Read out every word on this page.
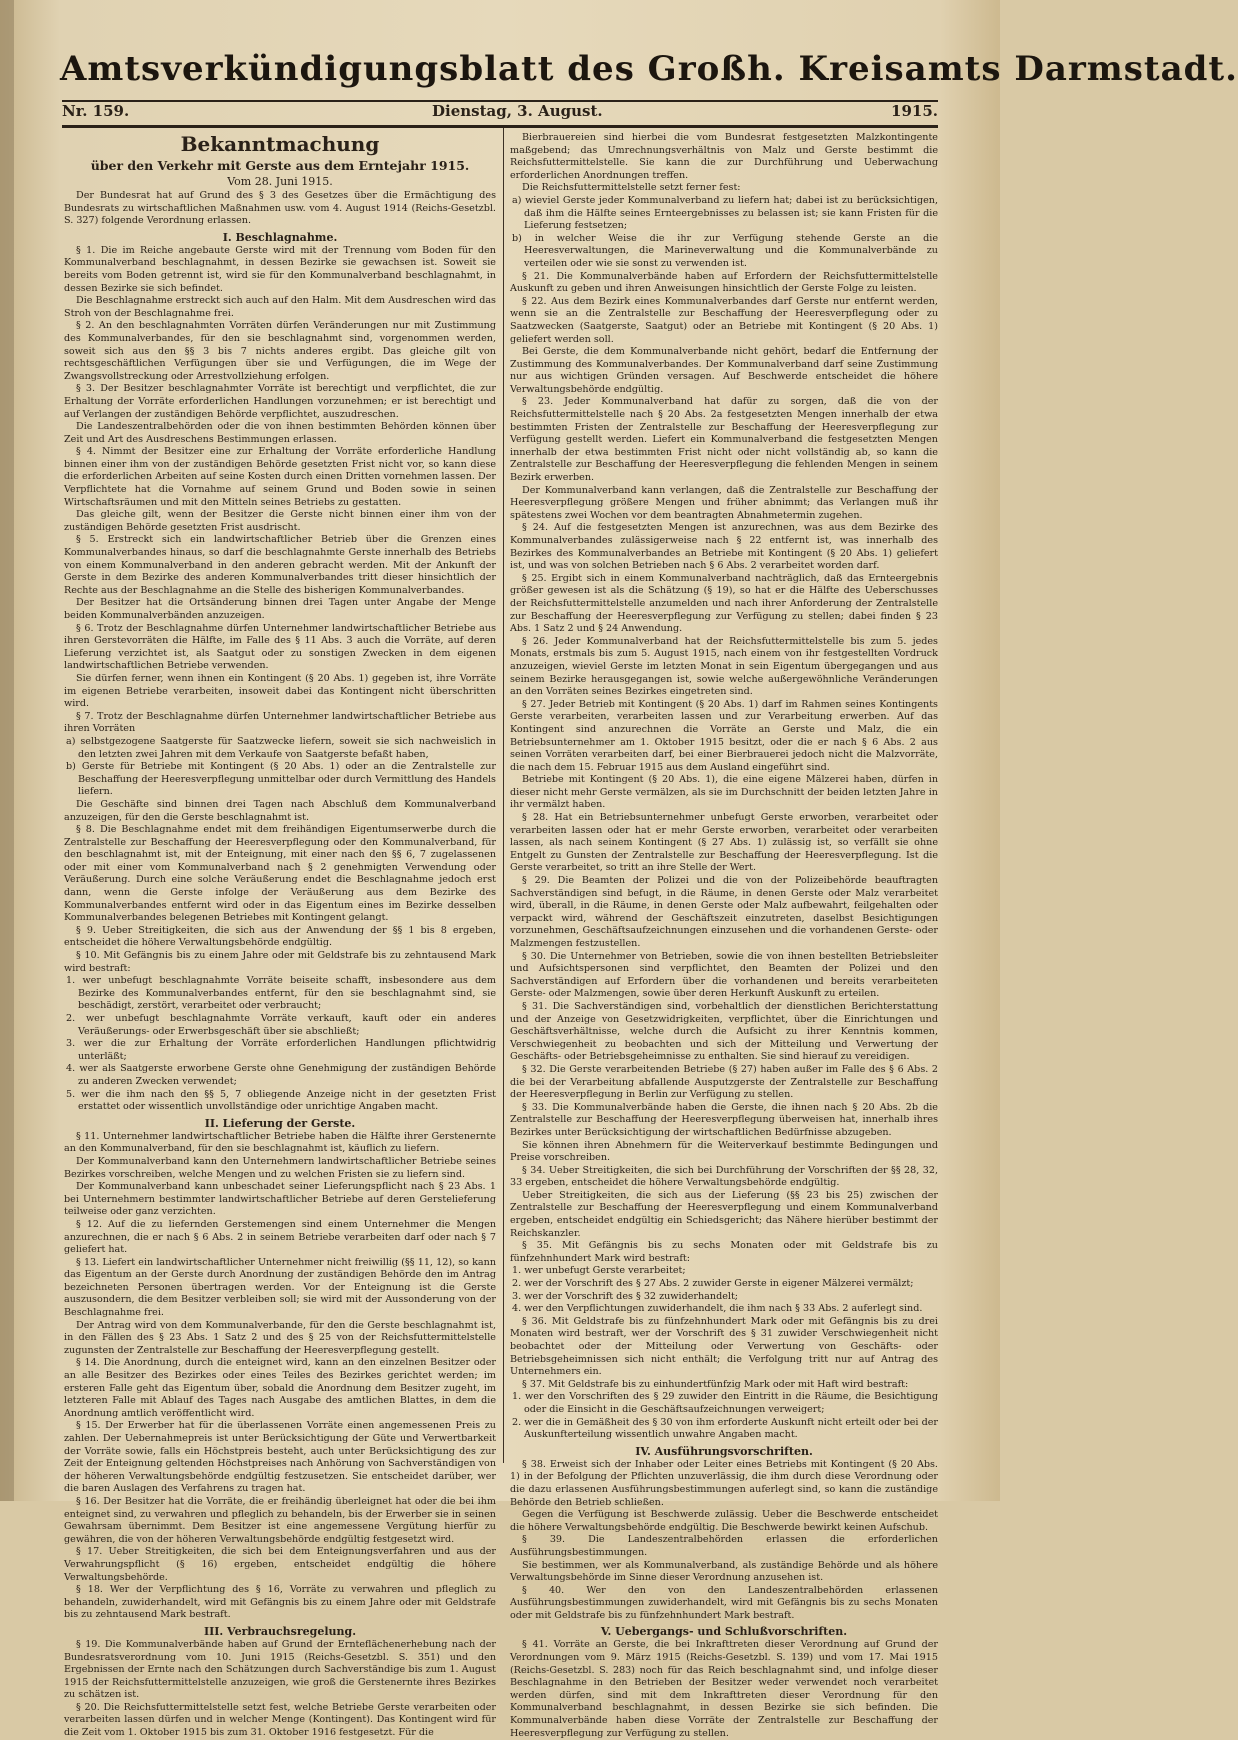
Amtsverkündigungsblatt des Großh. Kreisamts Darmstadt.
Nr. 159.	Dienstag, 3. August.	1915.
Bekanntmachung
über den Verkehr mit Gerste aus dem Erntejahr 1915.
Vom 28. Juni 1915.

Der Bundesrat hat auf Grund des § 3 des Gesetzes über die Ermächtigung des Bundesrats zu wirtschaftlichen Maßnahmen usw. vom 4. August 1914 (Reichs-Gesetzbl. S. 327) folgende Verordnung erlassen.

I. Beschlagnahme.

§ 1. Die im Reiche angebaute Gerste wird mit der Trennung vom Boden für den Kommunalverband beschlagnahmt, in dessen Bezirke sie gewachsen ist. Soweit sie bereits vom Boden getrennt ist, wird sie für den Kommunalverband beschlagnahmt, in dessen Bezirke sie sich befindet.

Die Beschlagnahme erstreckt sich auch auf den Halm. Mit dem Ausdreschen wird das Stroh von der Beschlagnahme frei.

§ 2. An den beschlagnahmten Vorräten dürfen Veränderungen nur mit Zustimmung des Kommunalverbandes, für den sie beschlagnahmt sind, vorgenommen werden, soweit sich aus den §§ 3 bis 7 nichts anderes ergibt. Das gleiche gilt von rechtsgeschäftlichen Verfügungen über sie und Verfügungen, die im Wege der Zwangsvollstreckung oder Arrestvollziehung erfolgen.

§ 3. Der Besitzer beschlagnahmter Vorräte ist berechtigt und verpflichtet, die zur Erhaltung der Vorräte erforderlichen Handlungen vorzunehmen; er ist berechtigt und auf Verlangen der zuständigen Behörde verpflichtet, auszudreschen.

Die Landeszentralbehörden oder die von ihnen bestimmten Behörden können über Zeit und Art des Ausdreschens Bestimmungen erlassen.

§ 4. Nimmt der Besitzer eine zur Erhaltung der Vorräte erforderliche Handlung binnen einer ihm von der zuständigen Behörde gesetzten Frist nicht vor, so kann diese die erforderlichen Arbeiten auf seine Kosten durch einen Dritten vornehmen lassen. Der Verpflichtete hat die Vornahme auf seinem Grund und Boden sowie in seinen Wirtschaftsräumen und mit den Mitteln seines Betriebs zu gestatten.

Das gleiche gilt, wenn der Besitzer die Gerste nicht binnen einer ihm von der zuständigen Behörde gesetzten Frist ausdrischt.

§ 5. Erstreckt sich ein landwirtschaftlicher Betrieb über die Grenzen eines Kommunalverbandes hinaus, so darf die beschlagnahmte Gerste innerhalb des Betriebs von einem Kommunalverband in den anderen gebracht werden. Mit der Ankunft der Gerste in dem Bezirke des anderen Kommunalverbandes tritt dieser hinsichtlich der Rechte aus der Beschlagnahme an die Stelle des bisherigen Kommunalverbandes.

Der Besitzer hat die Ortsänderung binnen drei Tagen unter Angabe der Menge beiden Kommunalverbänden anzuzeigen.

§ 6. Trotz der Beschlagnahme dürfen Unternehmer landwirtschaftlicher Betriebe aus ihren Gerstevorräten die Hälfte, im Falle des § 11 Abs. 3 auch die Vorräte, auf deren Lieferung verzichtet ist, als Saatgut oder zu sonstigen Zwecken in dem eigenen landwirtschaftlichen Betriebe verwenden.

Sie dürfen ferner, wenn ihnen ein Kontingent (§ 20 Abs. 1) gegeben ist, ihre Vorräte im eigenen Betriebe verarbeiten, insoweit dabei das Kontingent nicht überschritten wird.

§ 7. Trotz der Beschlagnahme dürfen Unternehmer landwirtschaftlicher Betriebe aus ihren Vorräten

a) selbstgezogene Saatgerste für Saatzwecke liefern, soweit sie sich nachweislich in den letzten zwei Jahren mit dem Verkaufe von Saatgerste befaßt haben,

b) Gerste für Betriebe mit Kontingent (§ 20 Abs. 1) oder an die Zentralstelle zur Beschaffung der Heeresverpflegung unmittelbar oder durch Vermittlung des Handels liefern.

Die Geschäfte sind binnen drei Tagen nach Abschluß dem Kommunalverband anzuzeigen, für den die Gerste beschlagnahmt ist.

§ 8. Die Beschlagnahme endet mit dem freihändigen Eigentumserwerbe durch die Zentralstelle zur Beschaffung der Heeresverpflegung oder den Kommunalverband, für den beschlagnahmt ist, mit der Enteignung, mit einer nach den §§ 6, 7 zugelassenen oder mit einer vom Kommunalverband nach § 2 genehmigten Verwendung oder Veräußerung. Durch eine solche Veräußerung endet die Beschlagnahme jedoch erst dann, wenn die Gerste infolge der Veräußerung aus dem Bezirke des Kommunalverbandes entfernt wird oder in das Eigentum eines im Bezirke desselben Kommunalverbandes belegenen Betriebes mit Kontingent gelangt.

§ 9. Ueber Streitigkeiten, die sich aus der Anwendung der §§ 1 bis 8 ergeben, entscheidet die höhere Verwaltungsbehörde endgültig.

§ 10. Mit Gefängnis bis zu einem Jahre oder mit Geldstrafe bis zu zehntausend Mark wird bestraft:

1. wer unbefugt beschlagnahmte Vorräte beiseite schafft, insbesondere aus dem Bezirke des Kommunalverbandes entfernt, für den sie beschlagnahmt sind, sie beschädigt, zerstört, verarbeitet oder verbraucht;

2. wer unbefugt beschlagnahmte Vorräte verkauft, kauft oder ein anderes Veräußerungs- oder Erwerbsgeschäft über sie abschließt;

3. wer die zur Erhaltung der Vorräte erforderlichen Handlungen pflichtwidrig unterläßt;

4. wer als Saatgerste erworbene Gerste ohne Genehmigung der zuständigen Behörde zu anderen Zwecken verwendet;

5. wer die ihm nach den §§ 5, 7 obliegende Anzeige nicht in der gesetzten Frist erstattet oder wissentlich unvollständige oder unrichtige Angaben macht.

II. Lieferung der Gerste.

§ 11. Unternehmer landwirtschaftlicher Betriebe haben die Hälfte ihrer Gerstenernte an den Kommunalverband, für den sie beschlagnahmt ist, käuflich zu liefern.

Der Kommunalverband kann den Unternehmern landwirtschaftlicher Betriebe seines Bezirkes vorschreiben, welche Mengen und zu welchen Fristen sie zu liefern sind.

Der Kommunalverband kann unbeschadet seiner Lieferungspflicht nach § 23 Abs. 1 bei Unternehmern bestimmter landwirtschaftlicher Betriebe auf deren Gerstelieferung teilweise oder ganz verzichten.

§ 12. Auf die zu liefernden Gerstemengen sind einem Unternehmer die Mengen anzurechnen, die er nach § 6 Abs. 2 in seinem Betriebe verarbeiten darf oder nach § 7 geliefert hat.

§ 13. Liefert ein landwirtschaftlicher Unternehmer nicht freiwillig (§§ 11, 12), so kann das Eigentum an der Gerste durch Anordnung der zuständigen Behörde den im Antrag bezeichneten Personen übertragen werden. Vor der Enteignung ist die Gerste auszusondern, die dem Besitzer verbleiben soll; sie wird mit der Aussonderung von der Beschlagnahme frei.

Der Antrag wird von dem Kommunalverbande, für den die Gerste beschlagnahmt ist, in den Fällen des § 23 Abs. 1 Satz 2 und des § 25 von der Reichsfuttermittelstelle zugunsten der Zentralstelle zur Beschaffung der Heeresverpflegung gestellt.

§ 14. Die Anordnung, durch die enteignet wird, kann an den einzelnen Besitzer oder an alle Besitzer des Bezirkes oder eines Teiles des Bezirkes gerichtet werden; im ersteren Falle geht das Eigentum über, sobald die Anordnung dem Besitzer zugeht, im letzteren Falle mit Ablauf des Tages nach Ausgabe des amtlichen Blattes, in dem die Anordnung amtlich veröffentlicht wird.

§ 15. Der Erwerber hat für die überlassenen Vorräte einen angemessenen Preis zu zahlen. Der Uebernahmepreis ist unter Berücksichtigung der Güte und Verwertbarkeit der Vorräte sowie, falls ein Höchstpreis besteht, auch unter Berücksichtigung des zur Zeit der Enteignung geltenden Höchstpreises nach Anhörung von Sachverständigen von der höheren Verwaltungsbehörde endgültig festzusetzen. Sie entscheidet darüber, wer die baren Auslagen des Verfahrens zu tragen hat.

§ 16. Der Besitzer hat die Vorräte, die er freihändig überleignet hat oder die bei ihm enteignet sind, zu verwahren und pfleglich zu behandeln, bis der Erwerber sie in seinen Gewahrsam übernimmt. Dem Besitzer ist eine angemessene Vergütung hierfür zu gewähren, die von der höheren Verwaltungsbehörde endgültig festgesetzt wird.

§ 17. Ueber Streitigkeiten, die sich bei dem Enteignungsverfahren und aus der Verwahrungspflicht (§ 16) ergeben, entscheidet endgültig die höhere Verwaltungsbehörde.

§ 18. Wer der Verpflichtung des § 16, Vorräte zu verwahren und pfleglich zu behandeln, zuwiderhandelt, wird mit Gefängnis bis zu einem Jahre oder mit Geldstrafe bis zu zehntausend Mark bestraft.

III. Verbrauchsregelung.

§ 19. Die Kommunalverbände haben auf Grund der Ernteflächenerhebung nach der Bundesratsverordnung vom 10. Juni 1915 (Reichs-Gesetzbl. S. 351) und den Ergebnissen der Ernte nach den Schätzungen durch Sachverständige bis zum 1. August 1915 der Reichsfuttermittelstelle anzuzeigen, wie groß die Gerstenernte ihres Bezirkes zu schätzen ist.

§ 20. Die Reichsfuttermittelstelle setzt fest, welche Betriebe Gerste verarbeiten oder verarbeiten lassen dürfen und in welcher Menge (Kontingent). Das Kontingent wird für die Zeit vom 1. Oktober 1915 bis zum 31. Oktober 1916 festgesetzt. Für die

Bierbrauereien sind hierbei die vom Bundesrat festgesetzten Malzkontingente maßgebend; das Umrechnungsverhältnis von Malz und Gerste bestimmt die Reichsfuttermittelstelle. Sie kann die zur Durchführung und Ueberwachung erforderlichen Anordnungen treffen.

Die Reichsfuttermittelstelle setzt ferner fest:

a) wieviel Gerste jeder Kommunalverband zu liefern hat; dabei ist zu berücksichtigen, daß ihm die Hälfte seines Ernteergebnisses zu belassen ist; sie kann Fristen für die Lieferung festsetzen;

b) in welcher Weise die ihr zur Verfügung stehende Gerste an die Heeresverwaltungen, die Marineverwaltung und die Kommunalverbände zu verteilen oder wie sie sonst zu verwenden ist.

§ 21. Die Kommunalverbände haben auf Erfordern der Reichsfuttermittelstelle Auskunft zu geben und ihren Anweisungen hinsichtlich der Gerste Folge zu leisten.

§ 22. Aus dem Bezirk eines Kommunalverbandes darf Gerste nur entfernt werden, wenn sie an die Zentralstelle zur Beschaffung der Heeresverpflegung oder zu Saatzwecken (Saatgerste, Saatgut) oder an Betriebe mit Kontingent (§ 20 Abs. 1) geliefert werden soll.

Bei Gerste, die dem Kommunalverbande nicht gehört, bedarf die Entfernung der Zustimmung des Kommunalverbandes. Der Kommunalverband darf seine Zustimmung nur aus wichtigen Gründen versagen. Auf Beschwerde entscheidet die höhere Verwaltungsbehörde endgültig.

§ 23. Jeder Kommunalverband hat dafür zu sorgen, daß die von der Reichsfuttermittelstelle nach § 20 Abs. 2a festgesetzten Mengen innerhalb der etwa bestimmten Fristen der Zentralstelle zur Beschaffung der Heeresverpflegung zur Verfügung gestellt werden. Liefert ein Kommunalverband die festgesetzten Mengen innerhalb der etwa bestimmten Frist nicht oder nicht vollständig ab, so kann die Zentralstelle zur Beschaffung der Heeresverpflegung die fehlenden Mengen in seinem Bezirk erwerben.

Der Kommunalverband kann verlangen, daß die Zentralstelle zur Beschaffung der Heeresverpflegung größere Mengen und früher abnimmt; das Verlangen muß ihr spätestens zwei Wochen vor dem beantragten Abnahmetermin zugehen.

§ 24. Auf die festgesetzten Mengen ist anzurechnen, was aus dem Bezirke des Kommunalverbandes zulässigerweise nach § 22 entfernt ist, was innerhalb des Bezirkes des Kommunalverbandes an Betriebe mit Kontingent (§ 20 Abs. 1) geliefert ist, und was von solchen Betrieben nach § 6 Abs. 2 verarbeitet worden darf.

§ 25. Ergibt sich in einem Kommunalverband nachträglich, daß das Ernteergebnis größer gewesen ist als die Schätzung (§ 19), so hat er die Hälfte des Ueberschusses der Reichsfuttermittelstelle anzumelden und nach ihrer Anforderung der Zentralstelle zur Beschaffung der Heeresverpflegung zur Verfügung zu stellen; dabei finden § 23 Abs. 1 Satz 2 und § 24 Anwendung.

§ 26. Jeder Kommunalverband hat der Reichsfuttermittelstelle bis zum 5. jedes Monats, erstmals bis zum 5. August 1915, nach einem von ihr festgestellten Vordruck anzuzeigen, wieviel Gerste im letzten Monat in sein Eigentum übergegangen und aus seinem Bezirke herausgegangen ist, sowie welche außergewöhnliche Veränderungen an den Vorräten seines Bezirkes eingetreten sind.

§ 27. Jeder Betrieb mit Kontingent (§ 20 Abs. 1) darf im Rahmen seines Kontingents Gerste verarbeiten, verarbeiten lassen und zur Verarbeitung erwerben. Auf das Kontingent sind anzurechnen die Vorräte an Gerste und Malz, die ein Betriebsunternehmer am 1. Oktober 1915 besitzt, oder die er nach § 6 Abs. 2 aus seinen Vorräten verarbeiten darf, bei einer Bierbrauerei jedoch nicht die Malzvorräte, die nach dem 15. Februar 1915 aus dem Ausland eingeführt sind.

Betriebe mit Kontingent (§ 20 Abs. 1), die eine eigene Mälzerei haben, dürfen in dieser nicht mehr Gerste vermälzen, als sie im Durchschnitt der beiden letzten Jahre in ihr vermälzt haben.

§ 28. Hat ein Betriebsunternehmer unbefugt Gerste erworben, verarbeitet oder verarbeiten lassen oder hat er mehr Gerste erworben, verarbeitet oder verarbeiten lassen, als nach seinem Kontingent (§ 27 Abs. 1) zulässig ist, so verfällt sie ohne Entgelt zu Gunsten der Zentralstelle zur Beschaffung der Heeresverpflegung. Ist die Gerste verarbeitet, so tritt an ihre Stelle der Wert.

§ 29. Die Beamten der Polizei und die von der Polizeibehörde beauftragten Sachverständigen sind befugt, in die Räume, in denen Gerste oder Malz verarbeitet wird, überall, in die Räume, in denen Gerste oder Malz aufbewahrt, feilgehalten oder verpackt wird, während der Geschäftszeit einzutreten, daselbst Besichtigungen vorzunehmen, Geschäftsaufzeichnungen einzusehen und die vorhandenen Gerste- oder Malzmengen festzustellen.

§ 30. Die Unternehmer von Betrieben, sowie die von ihnen bestellten Betriebsleiter und Aufsichtspersonen sind verpflichtet, den Beamten der Polizei und den Sachverständigen auf Erfordern über die vorhandenen und bereits verarbeiteten Gerste- oder Malzmengen, sowie über deren Herkunft Auskunft zu erteilen.

§ 31. Die Sachverständigen sind, vorbehaltlich der dienstlichen Berichterstattung und der Anzeige von Gesetzwidrigkeiten, verpflichtet, über die Einrichtungen und Geschäftsverhältnisse, welche durch die Aufsicht zu ihrer Kenntnis kommen, Verschwiegenheit zu beobachten und sich der Mitteilung und Verwertung der Geschäfts- oder Betriebsgeheimnisse zu enthalten. Sie sind hierauf zu vereidigen.

§ 32. Die Gerste verarbeitenden Betriebe (§ 27) haben außer im Falle des § 6 Abs. 2 die bei der Verarbeitung abfallende Ausputzgerste der Zentralstelle zur Beschaffung der Heeresverpflegung in Berlin zur Verfügung zu stellen.

§ 33. Die Kommunalverbände haben die Gerste, die ihnen nach § 20 Abs. 2b die Zentralstelle zur Beschaffung der Heeresverpflegung überweisen hat, innerhalb ihres Bezirkes unter Berücksichtigung der wirtschaftlichen Bedürfnisse abzugeben.

Sie können ihren Abnehmern für die Weiterverkauf bestimmte Bedingungen und Preise vorschreiben.

§ 34. Ueber Streitigkeiten, die sich bei Durchführung der Vorschriften der §§ 28, 32, 33 ergeben, entscheidet die höhere Verwaltungsbehörde endgültig.

Ueber Streitigkeiten, die sich aus der Lieferung (§§ 23 bis 25) zwischen der Zentralstelle zur Beschaffung der Heeresverpflegung und einem Kommunalverband ergeben, entscheidet endgültig ein Schiedsgericht; das Nähere hierüber bestimmt der Reichskanzler.

§ 35. Mit Gefängnis bis zu sechs Monaten oder mit Geldstrafe bis zu fünfzehnhundert Mark wird bestraft:

1. wer unbefugt Gerste verarbeitet;

2. wer der Vorschrift des § 27 Abs. 2 zuwider Gerste in eigener Mälzerei vermälzt;

3. wer der Vorschrift des § 32 zuwiderhandelt;

4. wer den Verpflichtungen zuwiderhandelt, die ihm nach § 33 Abs. 2 auferlegt sind.

§ 36. Mit Geldstrafe bis zu fünfzehnhundert Mark oder mit Gefängnis bis zu drei Monaten wird bestraft, wer der Vorschrift des § 31 zuwider Verschwiegenheit nicht beobachtet oder der Mitteilung oder Verwertung von Geschäfts- oder Betriebsgeheimnissen sich nicht enthält; die Verfolgung tritt nur auf Antrag des Unternehmers ein.

§ 37. Mit Geldstrafe bis zu einhundertfünfzig Mark oder mit Haft wird bestraft:

1. wer den Vorschriften des § 29 zuwider den Eintritt in die Räume, die Besichtigung oder die Einsicht in die Geschäftsaufzeichnungen verweigert;

2. wer die in Gemäßheit des § 30 von ihm erforderte Auskunft nicht erteilt oder bei der Auskunfterteilung wissentlich unwahre Angaben macht.

IV. Ausführungsvorschriften.

§ 38. Erweist sich der Inhaber oder Leiter eines Betriebs mit Kontingent (§ 20 Abs. 1) in der Befolgung der Pflichten unzuverlässig, die ihm durch diese Verordnung oder die dazu erlassenen Ausführungsbestimmungen auferlegt sind, so kann die zuständige Behörde den Betrieb schließen.

Gegen die Verfügung ist Beschwerde zulässig. Ueber die Beschwerde entscheidet die höhere Verwaltungsbehörde endgültig. Die Beschwerde bewirkt keinen Aufschub.

§ 39. Die Landeszentralbehörden erlassen die erforderlichen Ausführungsbestimmungen.

Sie bestimmen, wer als Kommunalverband, als zuständige Behörde und als höhere Verwaltungsbehörde im Sinne dieser Verordnung anzusehen ist.

§ 40. Wer den von den Landeszentralbehörden erlassenen Ausführungsbestimmungen zuwiderhandelt, wird mit Gefängnis bis zu sechs Monaten oder mit Geldstrafe bis zu fünfzehnhundert Mark bestraft.

V. Uebergangs- und Schlußvorschriften.

§ 41. Vorräte an Gerste, die bei Inkrafttreten dieser Verordnung auf Grund der Verordnungen vom 9. März 1915 (Reichs-Gesetzbl. S. 139) und vom 17. Mai 1915 (Reichs-Gesetzbl. S. 283) noch für das Reich beschlagnahmt sind, und infolge dieser Beschlagnahme in den Betrieben der Besitzer weder verwendet noch verarbeitet werden dürfen, sind mit dem Inkrafttreten dieser Verordnung für den Kommunalverband beschlagnahmt, in dessen Bezirke sie sich befinden. Die Kommunalverbände haben diese Vorräte der Zentralstelle zur Beschaffung der Heeresverpflegung zur Verfügung zu stellen.
